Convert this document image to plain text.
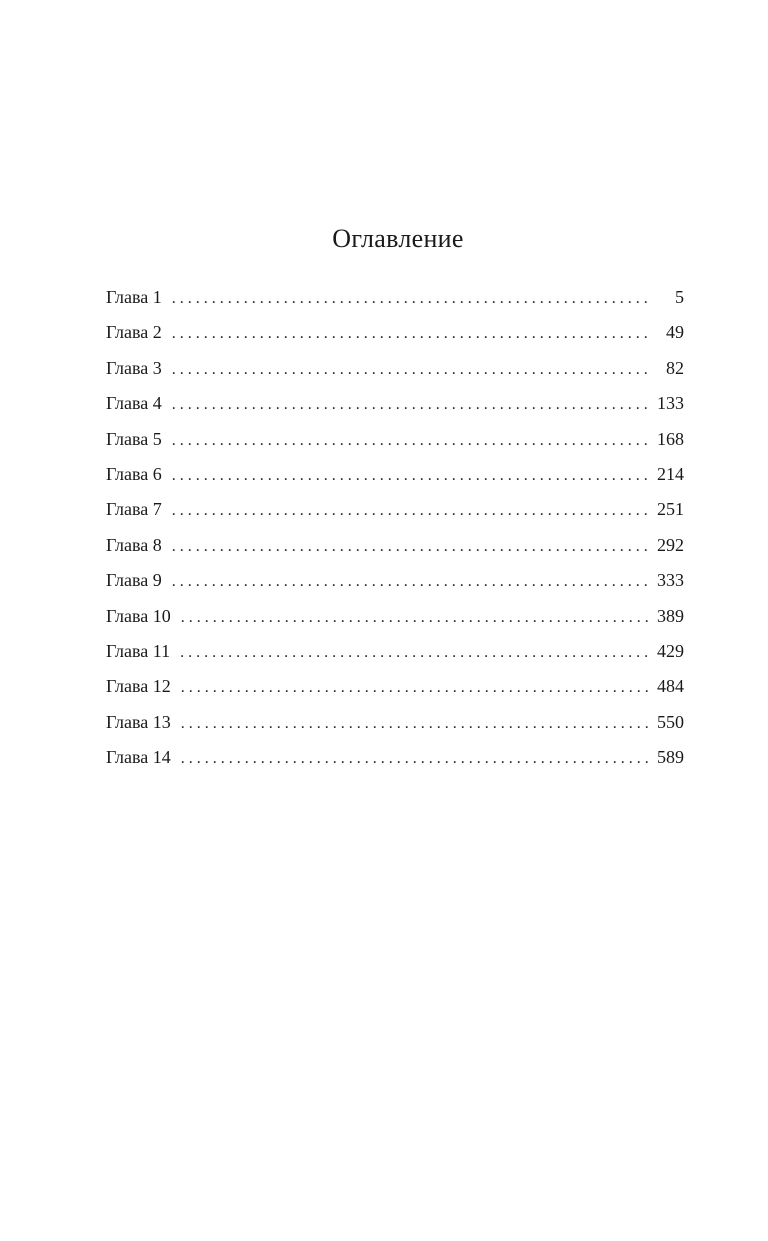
Оглавление
Глава 1 . . .	5
Глава 2 . . .	49
Глава 3 . . .	82
Глава 4 . . .	133
Глава 5 . . .	168
Глава 6 . . .	214
Глава 7 . . .	251
Глава 8 . . .	292
Глава 9 . . .	333
Глава 10 . . .	389
Глава 11 . . .	429
Глава 12 . . .	484
Глава 13 . . .	550
Глава 14 . . .	589
